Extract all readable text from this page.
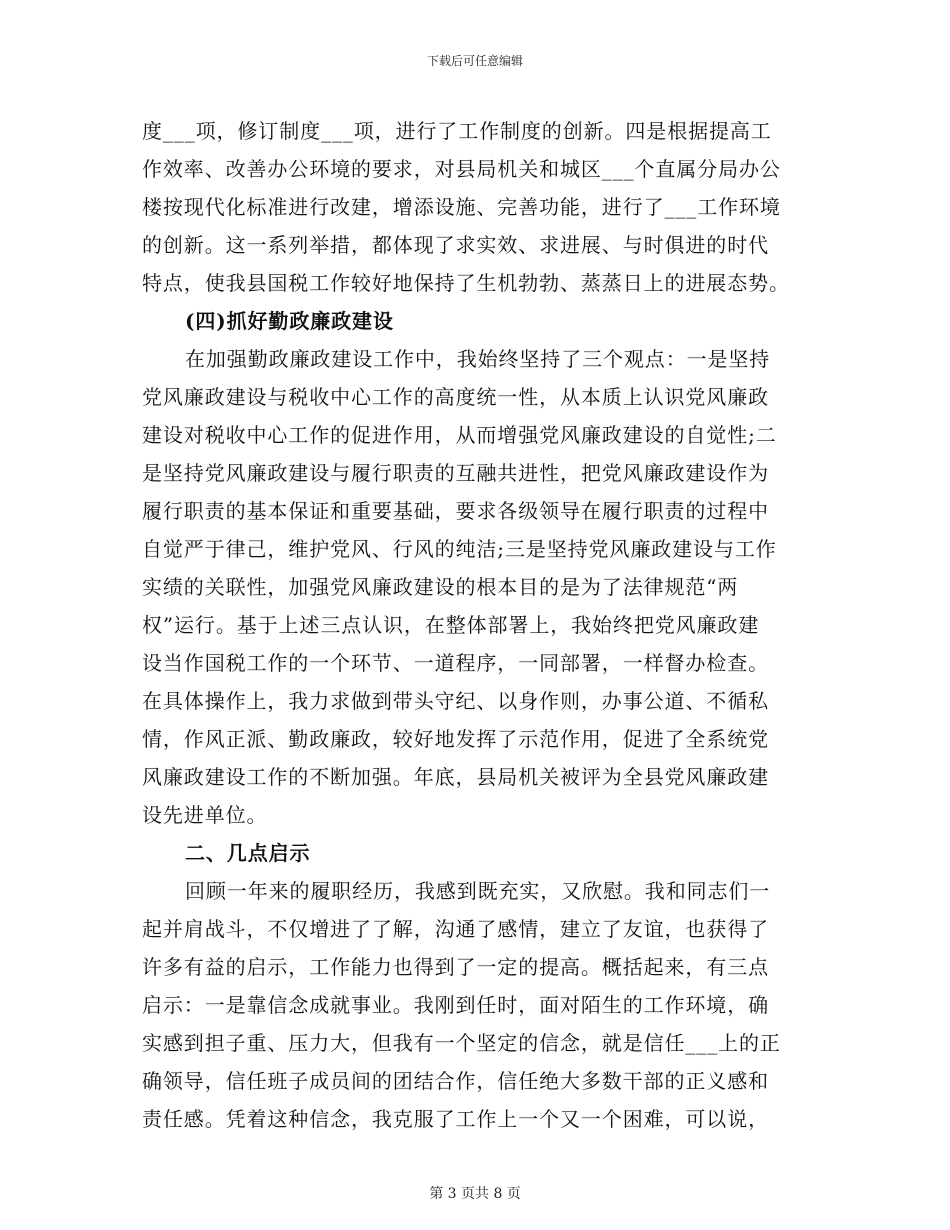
下载后可任意编辑
度___项，修订制度___项，进行了工作制度的创新。四是根据提高工
作效率、改善办公环境的要求，对县局机关和城区___个直属分局办公
楼按现代化标准进行改建，增添设施、完善功能，进行了___工作环境
的创新。这一系列举措，都体现了求实效、求进展、与时俱进的时代
特点，使我县国税工作较好地保持了生机勃勃、蒸蒸日上的进展态势。
(四)抓好勤政廉政建设
在加强勤政廉政建设工作中，我始终坚持了三个观点：一是坚持
党风廉政建设与税收中心工作的高度统一性，从本质上认识党风廉政
建设对税收中心工作的促进作用，从而增强党风廉政建设的自觉性;二
是坚持党风廉政建设与履行职责的互融共进性，把党风廉政建设作为
履行职责的基本保证和重要基础，要求各级领导在履行职责的过程中
自觉严于律己，维护党风、行风的纯洁;三是坚持党风廉政建设与工作
实绩的关联性，加强党风廉政建设的根本目的是为了法律规范“两
权”运行。基于上述三点认识，在整体部署上，我始终把党风廉政建
设当作国税工作的一个环节、一道程序，一同部署，一样督办检查。
在具体操作上，我力求做到带头守纪、以身作则，办事公道、不循私
情，作风正派、勤政廉政，较好地发挥了示范作用，促进了全系统党
风廉政建设工作的不断加强。年底，县局机关被评为全县党风廉政建
设先进单位。
二、几点启示
回顾一年来的履职经历，我感到既充实，又欣慰。我和同志们一
起并肩战斗，不仅增进了了解，沟通了感情，建立了友谊，也获得了
许多有益的启示，工作能力也得到了一定的提高。概括起来，有三点
启示：一是靠信念成就事业。我刚到任时，面对陌生的工作环境，确
实感到担子重、压力大，但我有一个坚定的信念，就是信任___上的正
确领导，信任班子成员间的团结合作，信任绝大多数干部的正义感和
责任感。凭着这种信念，我克服了工作上一个又一个困难，可以说，
第 3 页共 8 页
